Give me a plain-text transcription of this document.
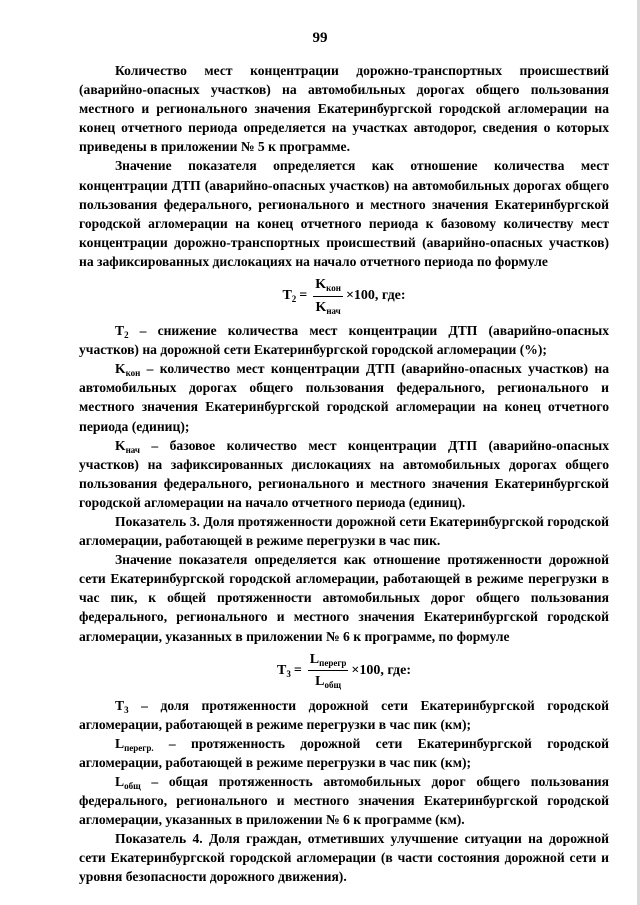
99

Количество мест концентрации дорожно-транспортных происшествий (аварийно-опасных участков) на автомобильных дорогах общего пользования местного и регионального значения Екатеринбургской городской агломерации на конец отчетного периода определяется на участках автодорог, сведения о которых приведены в приложении № 5 к программе.

Значение показателя определяется как отношение количества мест концентрации ДТП (аварийно-опасных участков) на автомобильных дорогах общего пользования федерального, регионального и местного значения Екатеринбургской городской агломерации на конец отчетного периода к базовому количеству мест концентрации дорожно-транспортных происшествий (аварийно-опасных участков) на зафиксированных дислокациях на начало отчетного периода по формуле

$T_2 = \frac{K_{кон}}{K_{нач}} \times 100$, где:

$T_2$ – снижение количества мест концентрации ДТП (аварийно-опасных участков) на дорожной сети Екатеринбургской городской агломерации (%);

$K_{кон}$ – количество мест концентрации ДТП (аварийно-опасных участков) на автомобильных дорогах общего пользования федерального, регионального и местного значения Екатеринбургской городской агломерации на конец отчетного периода (единиц);

$K_{нач}$ – базовое количество мест концентрации ДТП (аварийно-опасных участков) на зафиксированных дислокациях на автомобильных дорогах общего пользования федерального, регионального и местного значения Екатеринбургской городской агломерации на начало отчетного периода (единиц).

Показатель 3. Доля протяженности дорожной сети Екатеринбургской городской агломерации, работающей в режиме перегрузки в час пик.

Значение показателя определяется как отношение протяженности дорожной сети Екатеринбургской городской агломерации, работающей в режиме перегрузки в час пик, к общей протяженности автомобильных дорог общего пользования федерального, регионального и местного значения Екатеринбургской городской агломерации, указанных в приложении № 6 к программе, по формуле

$T_3 = \frac{L_{перегр}}{L_{общ}} \times 100$, где:

$T_3$ – доля протяженности дорожной сети Екатеринбургской городской агломерации, работающей в режиме перегрузки в час пик (км);

$L_{перегр.}$ – протяженность дорожной сети Екатеринбургской городской агломерации, работающей в режиме перегрузки в час пик (км);

$L_{общ}$ – общая протяженность автомобильных дорог общего пользования федерального, регионального и местного значения Екатеринбургской городской агломерации, указанных в приложении № 6 к программе (км).

Показатель 4. Доля граждан, отметивших улучшение ситуации на дорожной сети Екатеринбургской городской агломерации (в части состояния дорожной сети и уровня безопасности дорожного движения).
